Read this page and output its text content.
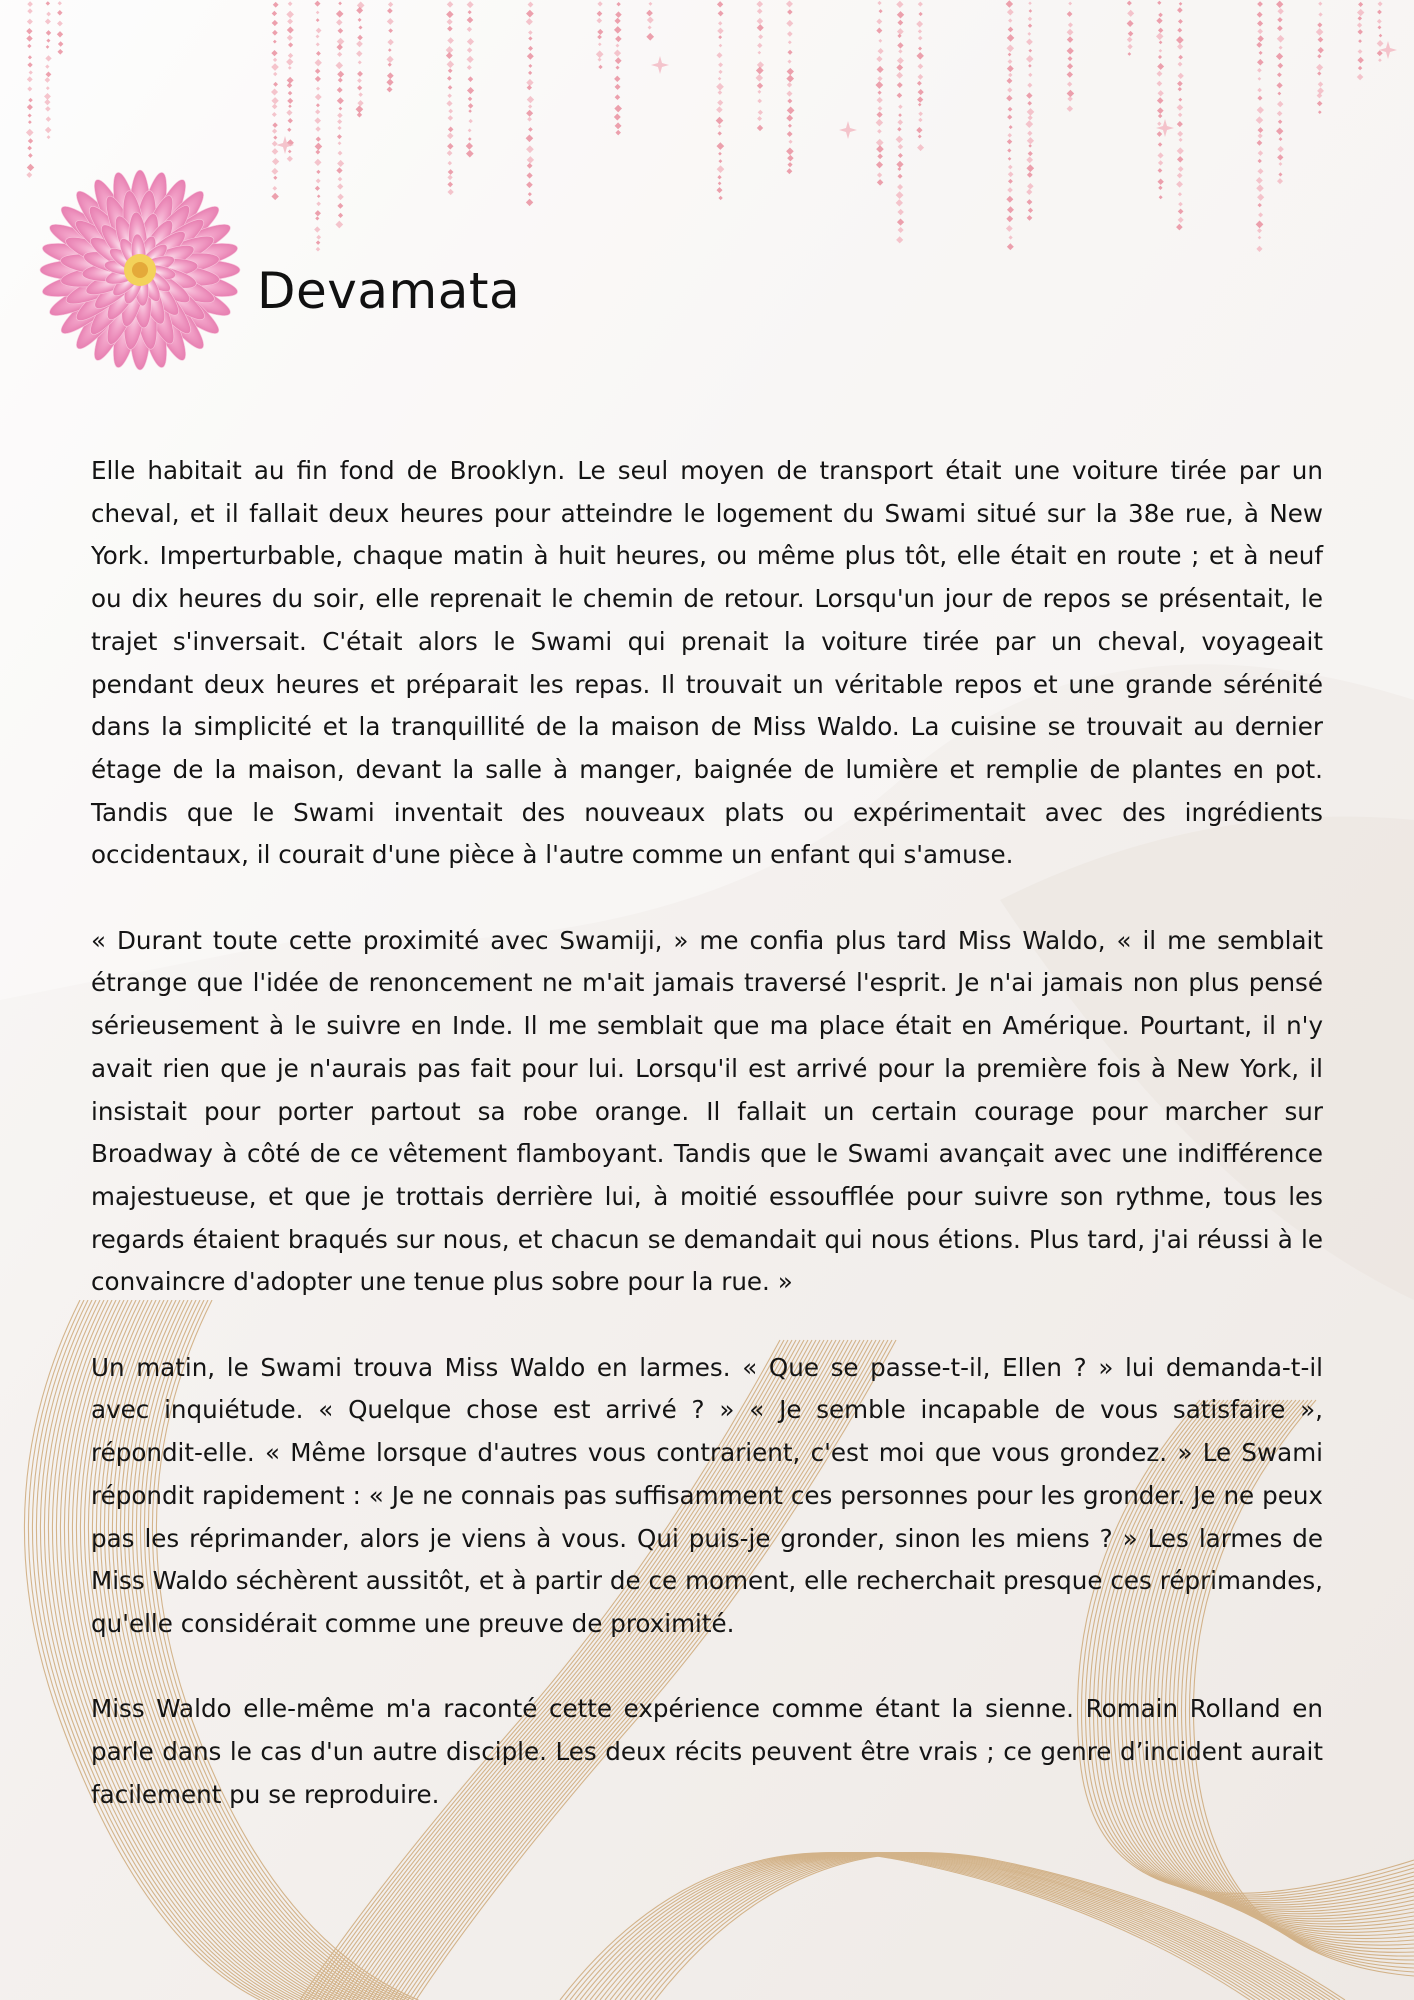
Devamata

Elle habitait au fin fond de Brooklyn. Le seul moyen de transport était une voiture tirée par un cheval, et il fallait deux heures pour atteindre le logement du Swami situé sur la 38e rue, à New York. Imperturbable, chaque matin à huit heures, ou même plus tôt, elle était en route ; et à neuf ou dix heures du soir, elle reprenait le chemin de retour. Lorsqu'un jour de repos se présentait, le trajet s'inversait. C'était alors le Swami qui prenait la voiture tirée par un cheval, voyageait pendant deux heures et préparait les repas. Il trouvait un véritable repos et une grande sérénité dans la simplicité et la tranquillité de la maison de Miss Waldo. La cuisine se trouvait au dernier étage de la maison, devant la salle à manger, baignée de lumière et remplie de plantes en pot. Tandis que le Swami inventait des nouveaux plats ou expérimentait avec des ingrédients occidentaux, il courait d'une pièce à l'autre comme un enfant qui s'amuse.

« Durant toute cette proximité avec Swamiji, » me confia plus tard Miss Waldo, « il me semblait étrange que l'idée de renoncement ne m'ait jamais traversé l'esprit. Je n'ai jamais non plus pensé sérieusement à le suivre en Inde. Il me semblait que ma place était en Amérique. Pourtant, il n'y avait rien que je n'aurais pas fait pour lui. Lorsqu'il est arrivé pour la première fois à New York, il insistait pour porter partout sa robe orange. Il fallait un certain courage pour marcher sur Broadway à côté de ce vêtement flamboyant. Tandis que le Swami avançait avec une indifférence majestueuse, et que je trottais derrière lui, à moitié essoufflée pour suivre son rythme, tous les regards étaient braqués sur nous, et chacun se demandait qui nous étions. Plus tard, j'ai réussi à le convaincre d'adopter une tenue plus sobre pour la rue. »

Un matin, le Swami trouva Miss Waldo en larmes. « Que se passe-t-il, Ellen ? » lui demanda-t-il avec inquiétude. « Quelque chose est arrivé ? » « Je semble incapable de vous satisfaire », répondit-elle. « Même lorsque d'autres vous contrarient, c'est moi que vous grondez. » Le Swami répondit rapidement : « Je ne connais pas suffisamment ces personnes pour les gronder. Je ne peux pas les réprimander, alors je viens à vous. Qui puis-je gronder, sinon les miens ? » Les larmes de Miss Waldo séchèrent aussitôt, et à partir de ce moment, elle recherchait presque ces réprimandes, qu'elle considérait comme une preuve de proximité.

Miss Waldo elle-même m'a raconté cette expérience comme étant la sienne. Romain Rolland en parle dans le cas d'un autre disciple. Les deux récits peuvent être vrais ; ce genre d’incident aurait facilement pu se reproduire.
